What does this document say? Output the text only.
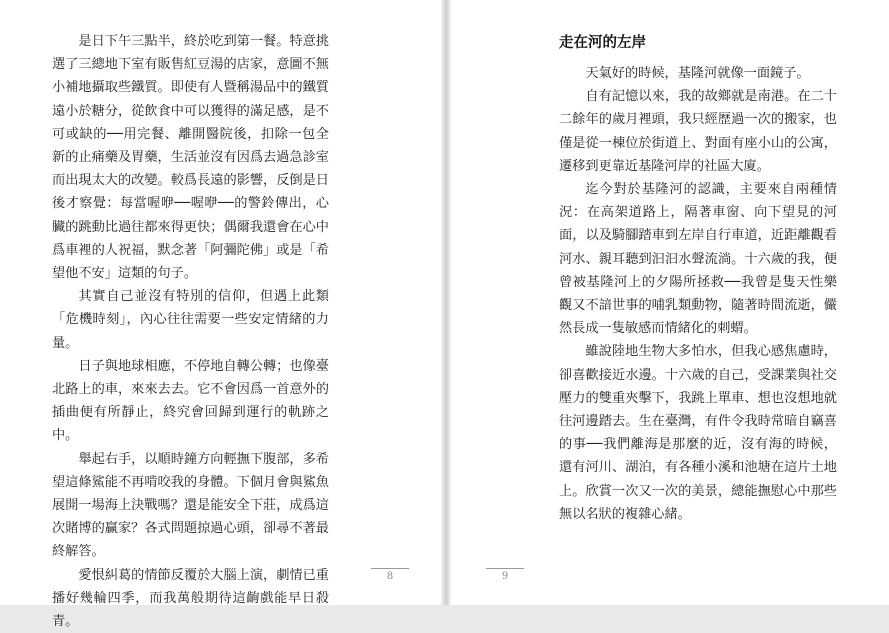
是日下午三點半，終於吃到第一餐。特意挑選了三總地下室有販售紅豆湯的店家，意圖不無小補地攝取些鐵質。即使有人暨稱湯品中的鐵質遠小於糖分，從飲食中可以獲得的滿足感，是不可或缺的──用完餐、離開醫院後，扣除一包全新的止痛藥及胃藥，生活並沒有因爲去過急診室而出現太大的改變。較爲長遠的影響，反倒是日後才察覺：每當喔咿──喔咿──的警鈴傳出，心臟的跳動比過往都來得更快；偶爾我還會在心中爲車裡的人祝福，默念著「阿彌陀佛」或是「希望他不安」這類的句子。

其實自己並沒有特別的信仰，但遇上此類「危機時刻」，內心往往需要一些安定情緒的力量。

日子與地球相應，不停地自轉公轉；也像臺北路上的車，來來去去。它不會因爲一首意外的插曲便有所靜止，終究會回歸到運行的軌跡之中。

舉起右手，以順時鐘方向輕撫下腹部，多希望這條鯊能不再啃咬我的身體。下個月會與鯊魚展開一場海上決戰嗎？還是能安全下莊，成爲這次賭博的贏家？各式問題掠過心頭，卻尋不著最終解答。

愛恨糾葛的情節反覆於大腦上演，劇情已重播好幾輪四季，而我萬般期待這齣戲能早日殺青。

8
走在河的左岸

天氣好的時候，基隆河就像一面鏡子。

自有記憶以來，我的故鄉就是南港。在二十二餘年的歲月裡頭，我只經歷過一次的搬家，也僅是從一棟位於街道上、對面有座小山的公寓，遷移到更靠近基隆河岸的社區大廈。

迄今對於基隆河的認識，主要來自兩種情況：在高架道路上，隔著車窗、向下望見的河面，以及騎腳踏車到左岸自行車道，近距離觀看河水、親耳聽到汩汩水聲流淌。十六歲的我，便曾被基隆河上的夕陽所拯救──我曾是隻天性樂觀又不諳世事的哺乳類動物，隨著時間流逝，儼然長成一隻敏感而情緒化的刺蝟。

雖說陸地生物大多怕水，但我心感焦慮時，卻喜歡接近水邊。十六歲的自己，受課業與社交壓力的雙重夾擊下，我跳上單車、想也沒想地就往河邊踏去。生在臺灣，有件令我時常暗自竊喜的事──我們離海是那麼的近，沒有海的時候，還有河川、湖泊，有各種小溪和池塘在這片土地上。欣賞一次又一次的美景，總能撫慰心中那些無以名狀的複雜心緒。

9
